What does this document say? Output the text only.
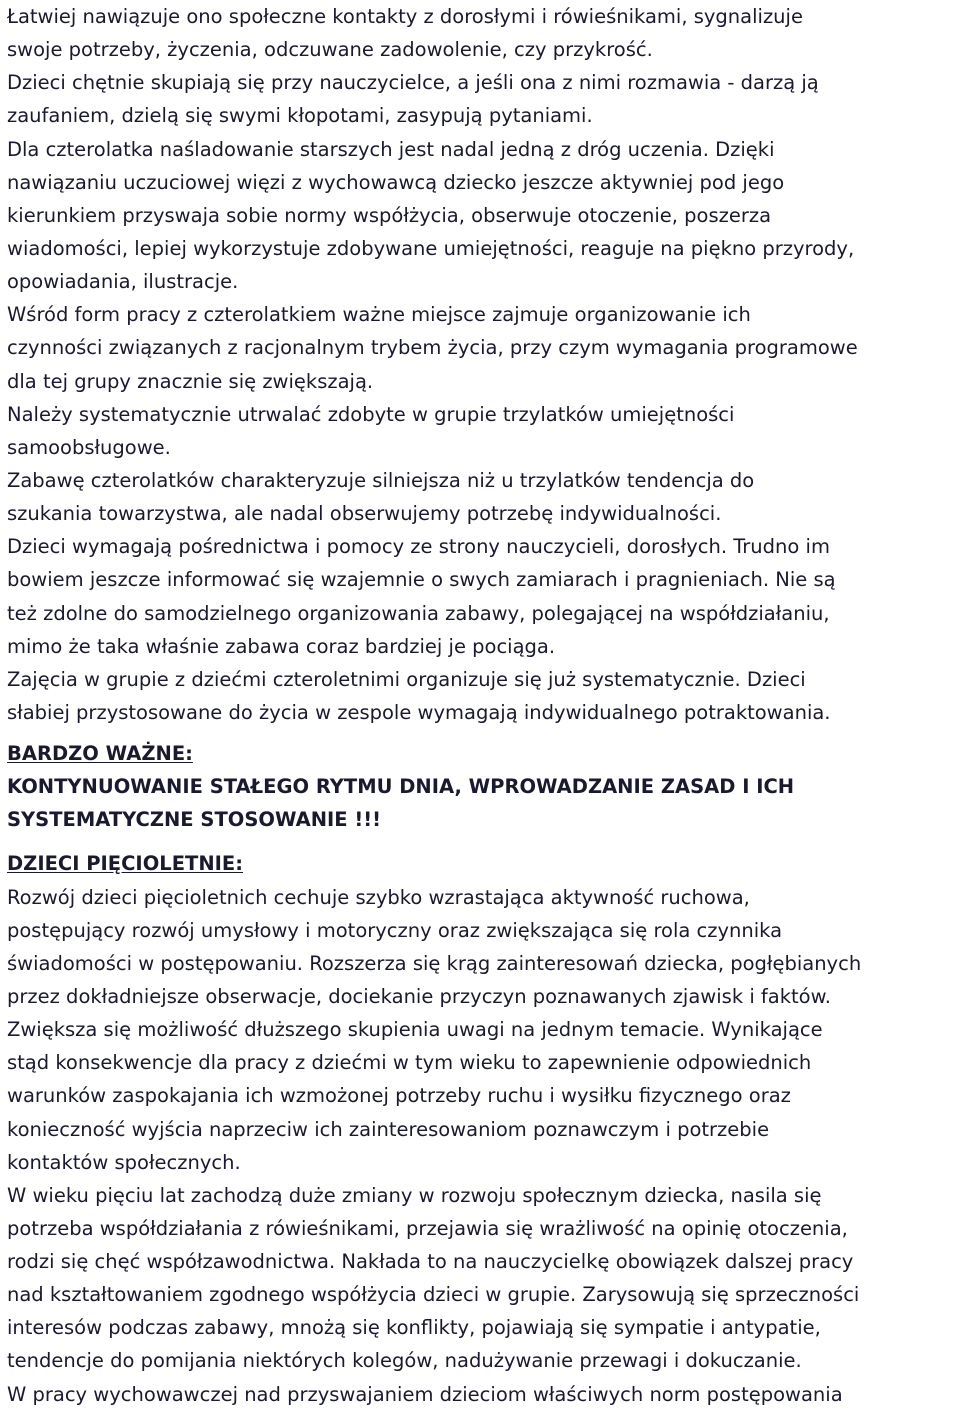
Łatwiej nawiązuje ono społeczne kontakty z dorosłymi i rówieśnikami, sygnalizuje
swoje potrzeby, życzenia, odczuwane zadowolenie, czy przykrość.
Dzieci chętnie skupiają się przy nauczycielce, a jeśli ona z nimi rozmawia - darzą ją
zaufaniem, dzielą się swymi kłopotami, zasypują pytaniami.
Dla czterolatka naśladowanie starszych jest nadal jedną z dróg uczenia. Dzięki
nawiązaniu uczuciowej więzi z wychowawcą dziecko jeszcze aktywniej pod jego
kierunkiem przyswaja sobie normy współżycia, obserwuje otoczenie, poszerza
wiadomości, lepiej wykorzystuje zdobywane umiejętności, reaguje na piękno przyrody,
opowiadania, ilustracje.
Wśród form pracy z czterolatkiem ważne miejsce zajmuje organizowanie ich
czynności związanych z racjonalnym trybem życia, przy czym wymagania programowe
dla tej grupy znacznie się zwiększają.
Należy systematycznie utrwalać zdobyte w grupie trzylatków umiejętności
samoobsługowe.
Zabawę czterolatków charakteryzuje silniejsza niż u trzylatków tendencja do
szukania towarzystwa, ale nadal obserwujemy potrzebę indywidualności.
Dzieci wymagają pośrednictwa i pomocy ze strony nauczycieli, dorosłych. Trudno im
bowiem jeszcze informować się wzajemnie o swych zamiarach i pragnieniach. Nie są
też zdolne do samodzielnego organizowania zabawy, polegającej na współdziałaniu,
mimo że taka właśnie zabawa coraz bardziej je pociąga.
Zajęcia w grupie z dziećmi czteroletnimi organizuje się już systematycznie. Dzieci
słabiej przystosowane do życia w zespole wymagają indywidualnego potraktowania.
BARDZO WAŻNE:
KONTYNUOWANIE STAŁEGO RYTMU DNIA, WPROWADZANIE ZASAD I ICH
SYSTEMATYCZNE STOSOWANIE !!!
DZIECI PIĘCIOLETNIE:
Rozwój dzieci pięcioletnich cechuje szybko wzrastająca aktywność ruchowa,
postępujący rozwój umysłowy i motoryczny oraz zwiększająca się rola czynnika
świadomości w postępowaniu. Rozszerza się krąg zainteresowań dziecka, pogłębianych
przez dokładniejsze obserwacje, dociekanie przyczyn poznawanych zjawisk i faktów.
Zwiększa się możliwość dłuższego skupienia uwagi na jednym temacie. Wynikające
stąd konsekwencje dla pracy z dziećmi w tym wieku to zapewnienie odpowiednich
warunków zaspokajania ich wzmożonej potrzeby ruchu i wysiłku fizycznego oraz
konieczność wyjścia naprzeciw ich zainteresowaniom poznawczym i potrzebie
kontaktów społecznych.
W wieku pięciu lat zachodzą duże zmiany w rozwoju społecznym dziecka, nasila się
potrzeba współdziałania z rówieśnikami, przejawia się wrażliwość na opinię otoczenia,
rodzi się chęć współzawodnictwa. Nakłada to na nauczycielkę obowiązek dalszej pracy
nad kształtowaniem zgodnego współżycia dzieci w grupie. Zarysowują się sprzeczności
interesów podczas zabawy, mnożą się konflikty, pojawiają się sympatie i antypatie,
tendencje do pomijania niektórych kolegów, nadużywanie przewagi i dokuczanie.
W pracy wychowawczej nad przyswajaniem dzieciom właściwych norm postępowania
